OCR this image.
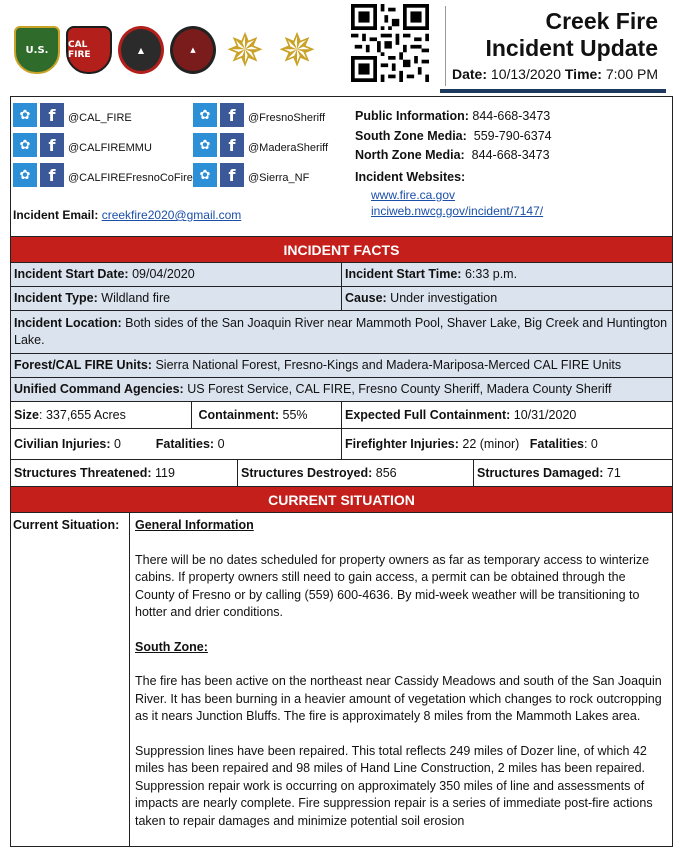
U.S.	CAL FIRE	▲	▲ ✵ ✵
Creek Fire
Incident Update
Date: 10/13/2020 Time: 7:00 PM
✿	f	@CAL_FIRE
✿	f	@CALFIREMMU
✿	f	@CALFIREFresnoCoFire
✿	f	@FresnoSheriff
✿	f	@MaderaSheriff
✿	f	@Sierra_NF
Incident Email: creekfire2020@gmail.com
Public Information: 844-668-3473
South Zone Media: 559-790-6374
North Zone Media: 844-668-3473
Incident Websites:
www.fire.ca.gov
inciweb.nwcg.gov/incident/7147/
INCIDENT FACTS
Incident Start Date: 09/04/2020	Incident Start Time: 6:33 p.m.
Incident Type: Wildland fire	Cause: Under investigation
Incident Location: Both sides of the San Joaquin River near Mammoth Pool, Shaver Lake, Big Creek and Huntington Lake.
Forest/CAL FIRE Units: Sierra National Forest, Fresno-Kings and Madera-Mariposa-Merced CAL FIRE Units
Unified Command Agencies: US Forest Service, CAL FIRE, Fresno County Sheriff, Madera County Sheriff
Size: 337,655 Acres	Containment: 55%	Expected Full Containment: 10/31/2020
Civilian Injuries: 0	Fatalities: 0	Firefighter Injuries: 22 (minor) Fatalities: 0
Structures Threatened: 119	Structures Destroyed: 856	Structures Damaged: 71
CURRENT SITUATION
Current Situation:	General Information

There will be no dates scheduled for property owners as far as temporary access to winterize cabins. If property owners still need to gain access, a permit can be obtained through the County of Fresno or by calling (559) 600-4636. By mid-week weather will be transitioning to hotter and drier conditions.

South Zone:

The fire has been active on the northeast near Cassidy Meadows and south of the San Joaquin River. It has been burning in a heavier amount of vegetation which changes to rock outcropping as it nears Junction Bluffs. The fire is approximately 8 miles from the Mammoth Lakes area.

Suppression lines have been repaired. This total reflects 249 miles of Dozer line, of which 42 miles has been repaired and 98 miles of Hand Line Construction, 2 miles has been repaired. Suppression repair work is occurring on approximately 350 miles of line and assessments of impacts are nearly complete. Fire suppression repair is a series of immediate post-fire actions taken to repair damages and minimize potential soil erosion
